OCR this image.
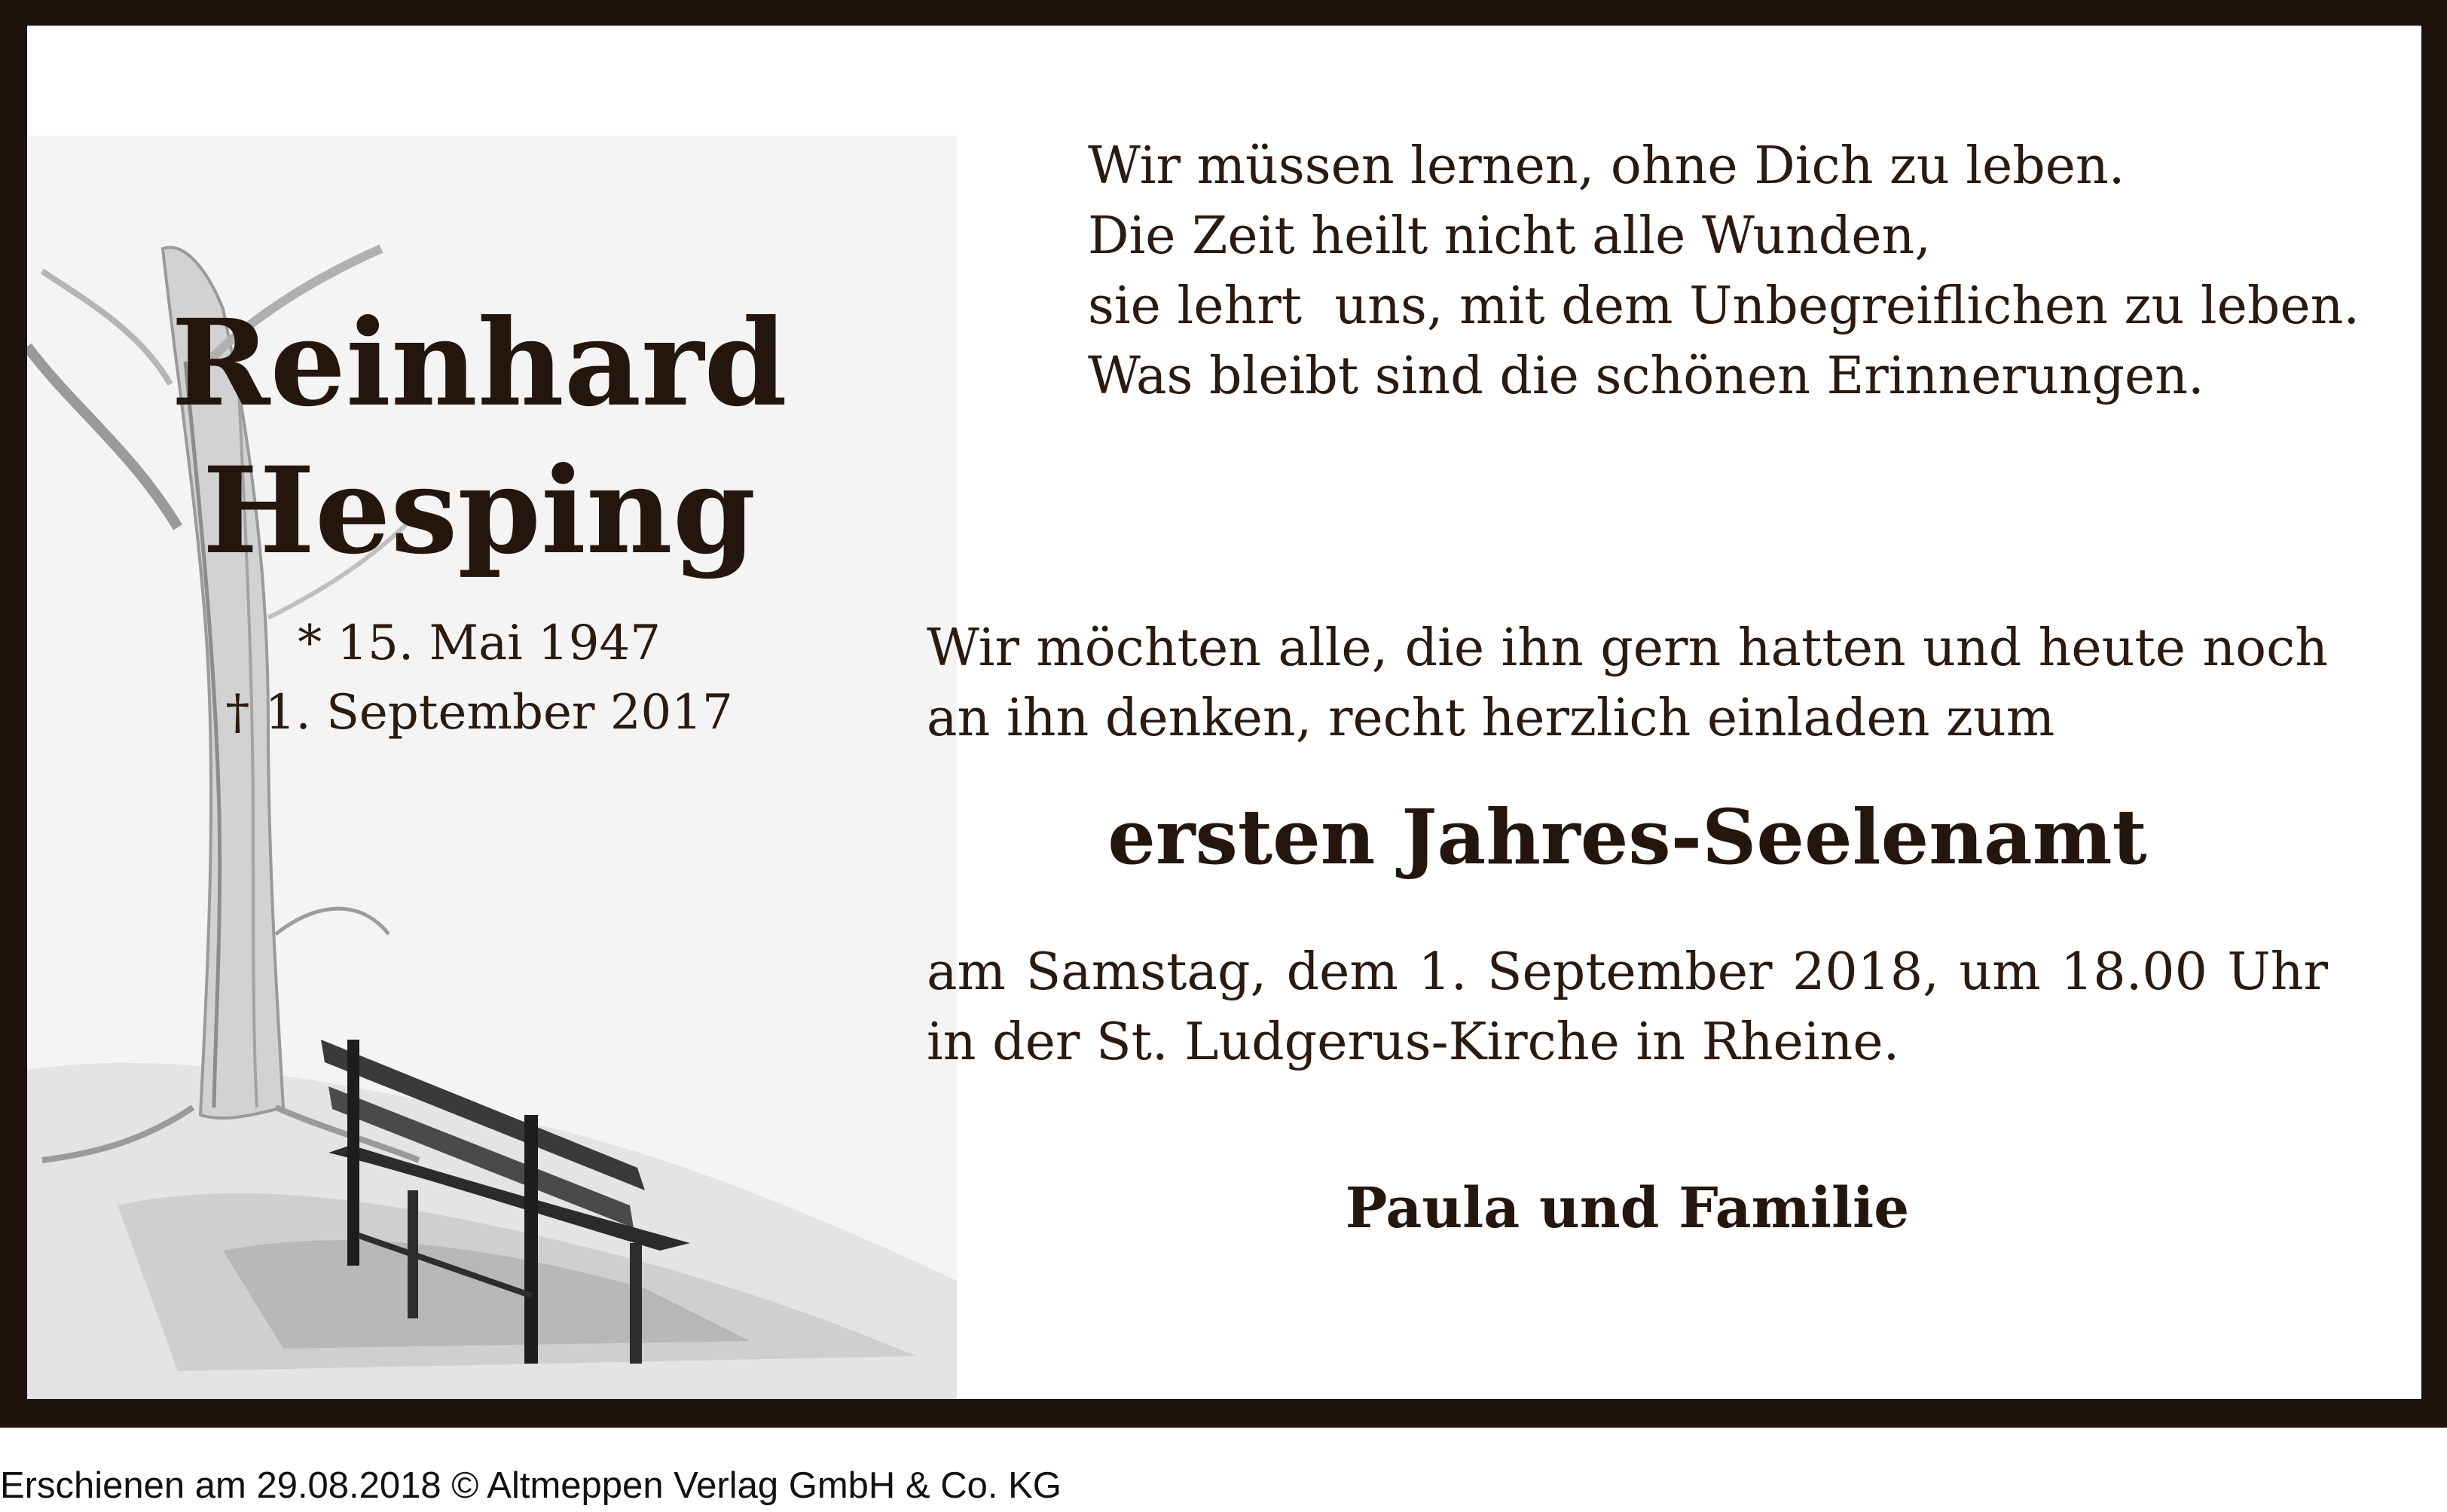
Reinhard
Hesping
* 15. Mai 1947
† 1. September 2017
Wir müssen lernen, ohne Dich zu leben.
Die Zeit heilt nicht alle Wunden,
sie lehrt  uns, mit dem Unbegreiflichen zu leben.
Was bleibt sind die schönen Erinnerungen.
Wir möchten alle, die ihn gern hatten und heute noch an ihn denken, recht herzlich einladen zum
ersten Jahres-Seelenamt
am Samstag, dem 1. September 2018, um 18.00 Uhr in der St. Ludgerus-Kirche in Rheine.
Paula und Familie
Erschienen am 29.08.2018 © Altmeppen Verlag GmbH & Co. KG
